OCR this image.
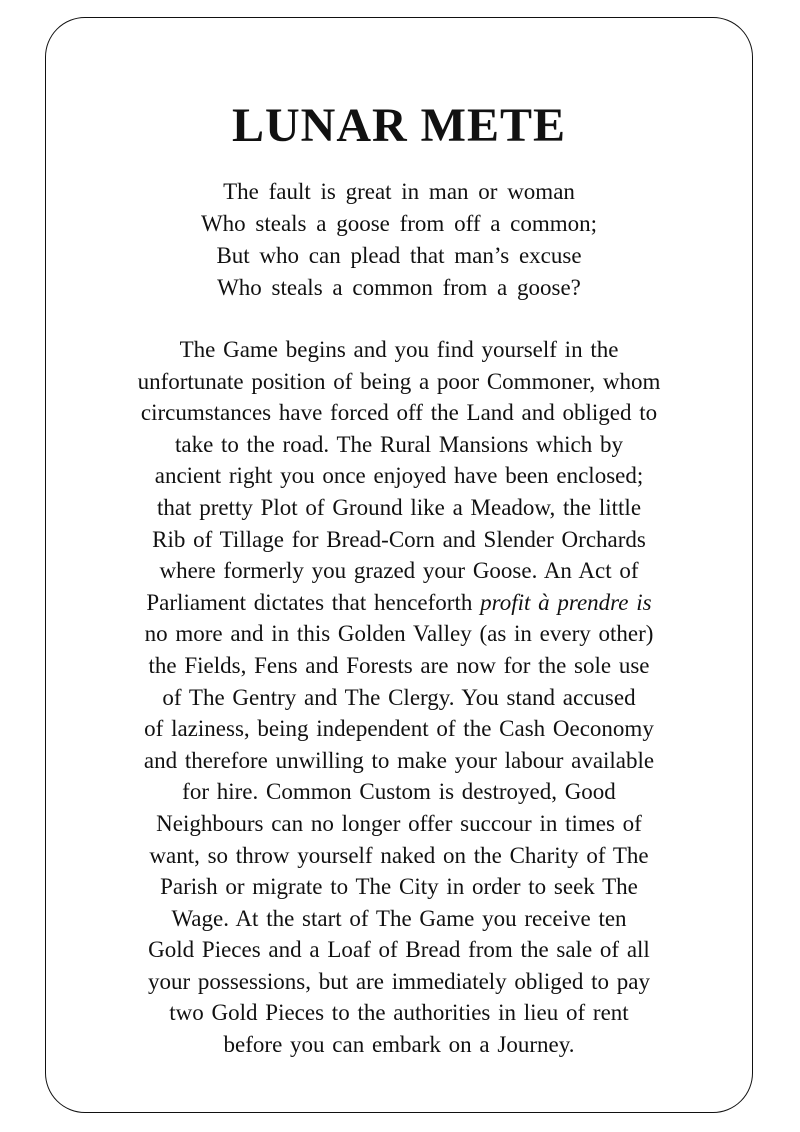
LUNAR METE
The fault is great in man or woman
Who steals a goose from off a common;
But who can plead that man’s excuse
Who steals a common from a goose?
The Game begins and you find yourself in the
unfortunate position of being a poor Commoner, whom
circumstances have forced off the Land and obliged to
take to the road. The Rural Mansions which by
ancient right you once enjoyed have been enclosed;
that pretty Plot of Ground like a Meadow, the little
Rib of Tillage for Bread-Corn and Slender Orchards
where formerly you grazed your Goose. An Act of
Parliament dictates that henceforth profit à prendre is
no more and in this Golden Valley (as in every other)
the Fields, Fens and Forests are now for the sole use
of The Gentry and The Clergy. You stand accused
of laziness, being independent of the Cash Oeconomy
and therefore unwilling to make your labour available
for hire. Common Custom is destroyed, Good
Neighbours can no longer offer succour in times of
want, so throw yourself naked on the Charity of The
Parish or migrate to The City in order to seek The
Wage. At the start of The Game you receive ten
Gold Pieces and a Loaf of Bread from the sale of all
your possessions, but are immediately obliged to pay
two Gold Pieces to the authorities in lieu of rent
before you can embark on a Journey.
